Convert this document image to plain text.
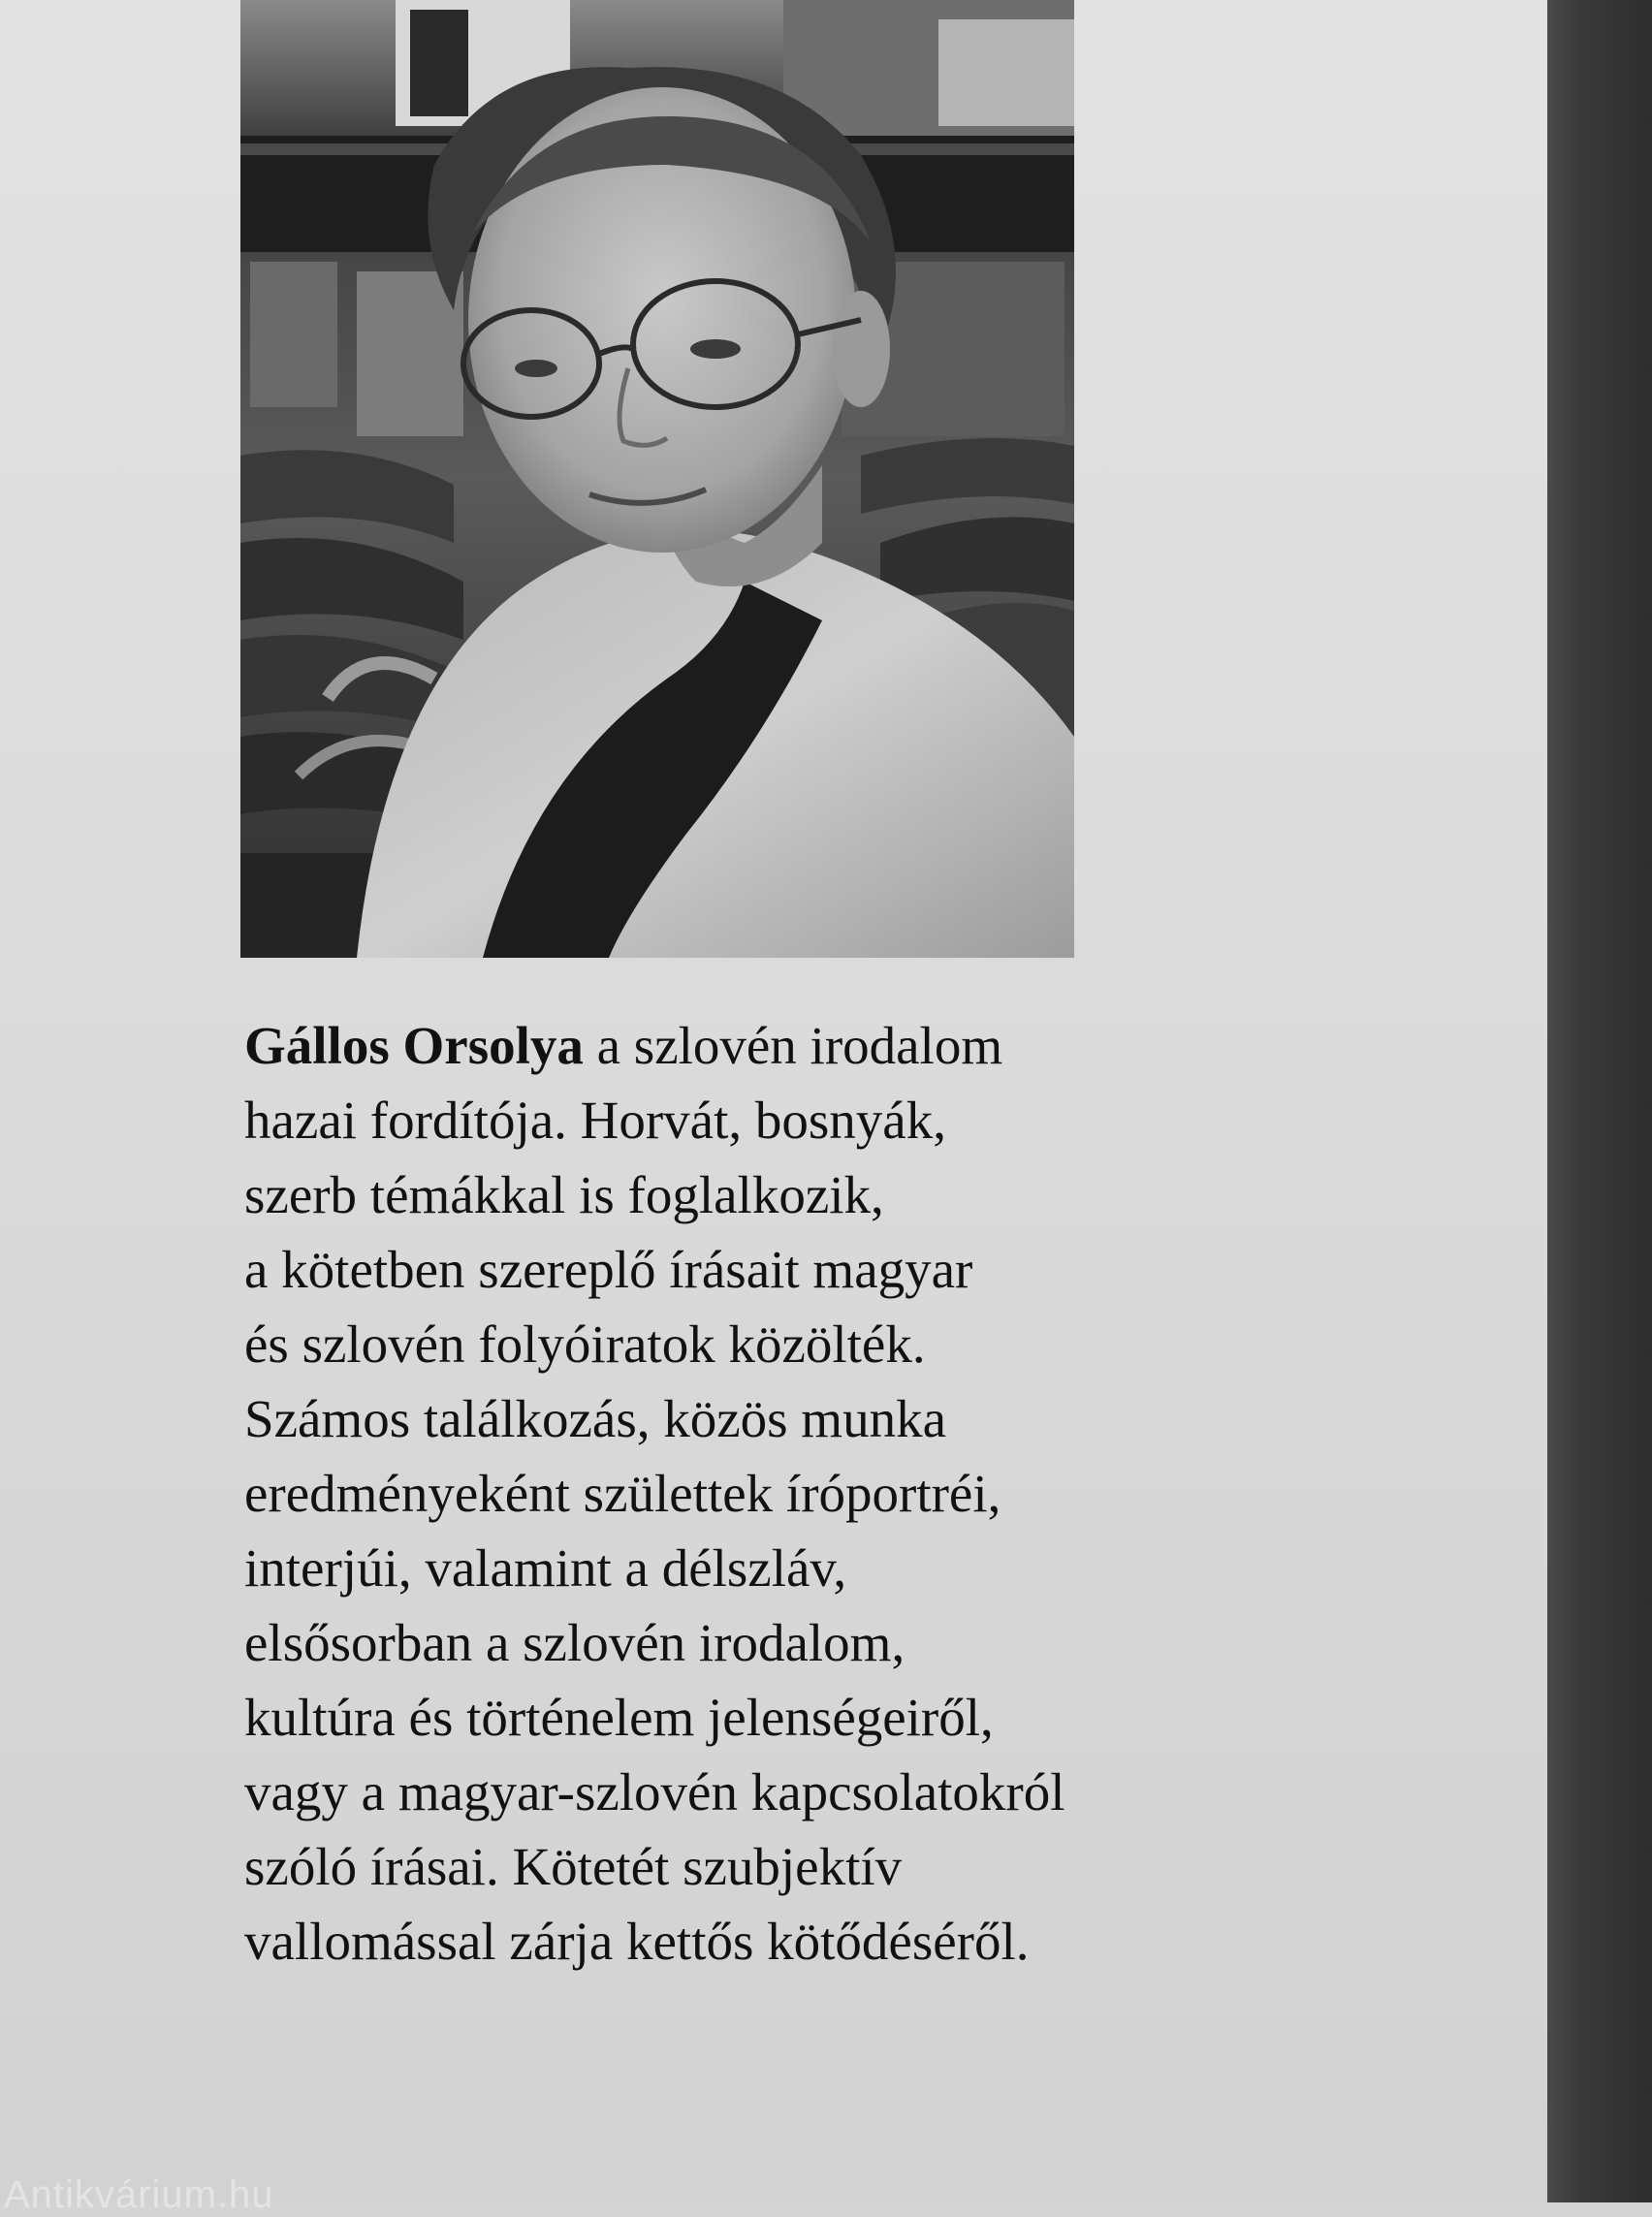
Gállos Orsolya a szlovén irodalom
hazai fordítója. Horvát, bosnyák,
szerb témákkal is foglalkozik,
a kötetben szereplő írásait magyar
és szlovén folyóiratok közölték.
Számos találkozás, közös munka
eredményeként születtek íróportréi,
interjúi, valamint a délszláv,
elsősorban a szlovén irodalom,
kultúra és történelem jelenségeiről,
vagy a magyar-szlovén kapcsolatokról
szóló írásai. Kötetét szubjektív
vallomással zárja kettős kötődéséről.
Antikvárium.hu
